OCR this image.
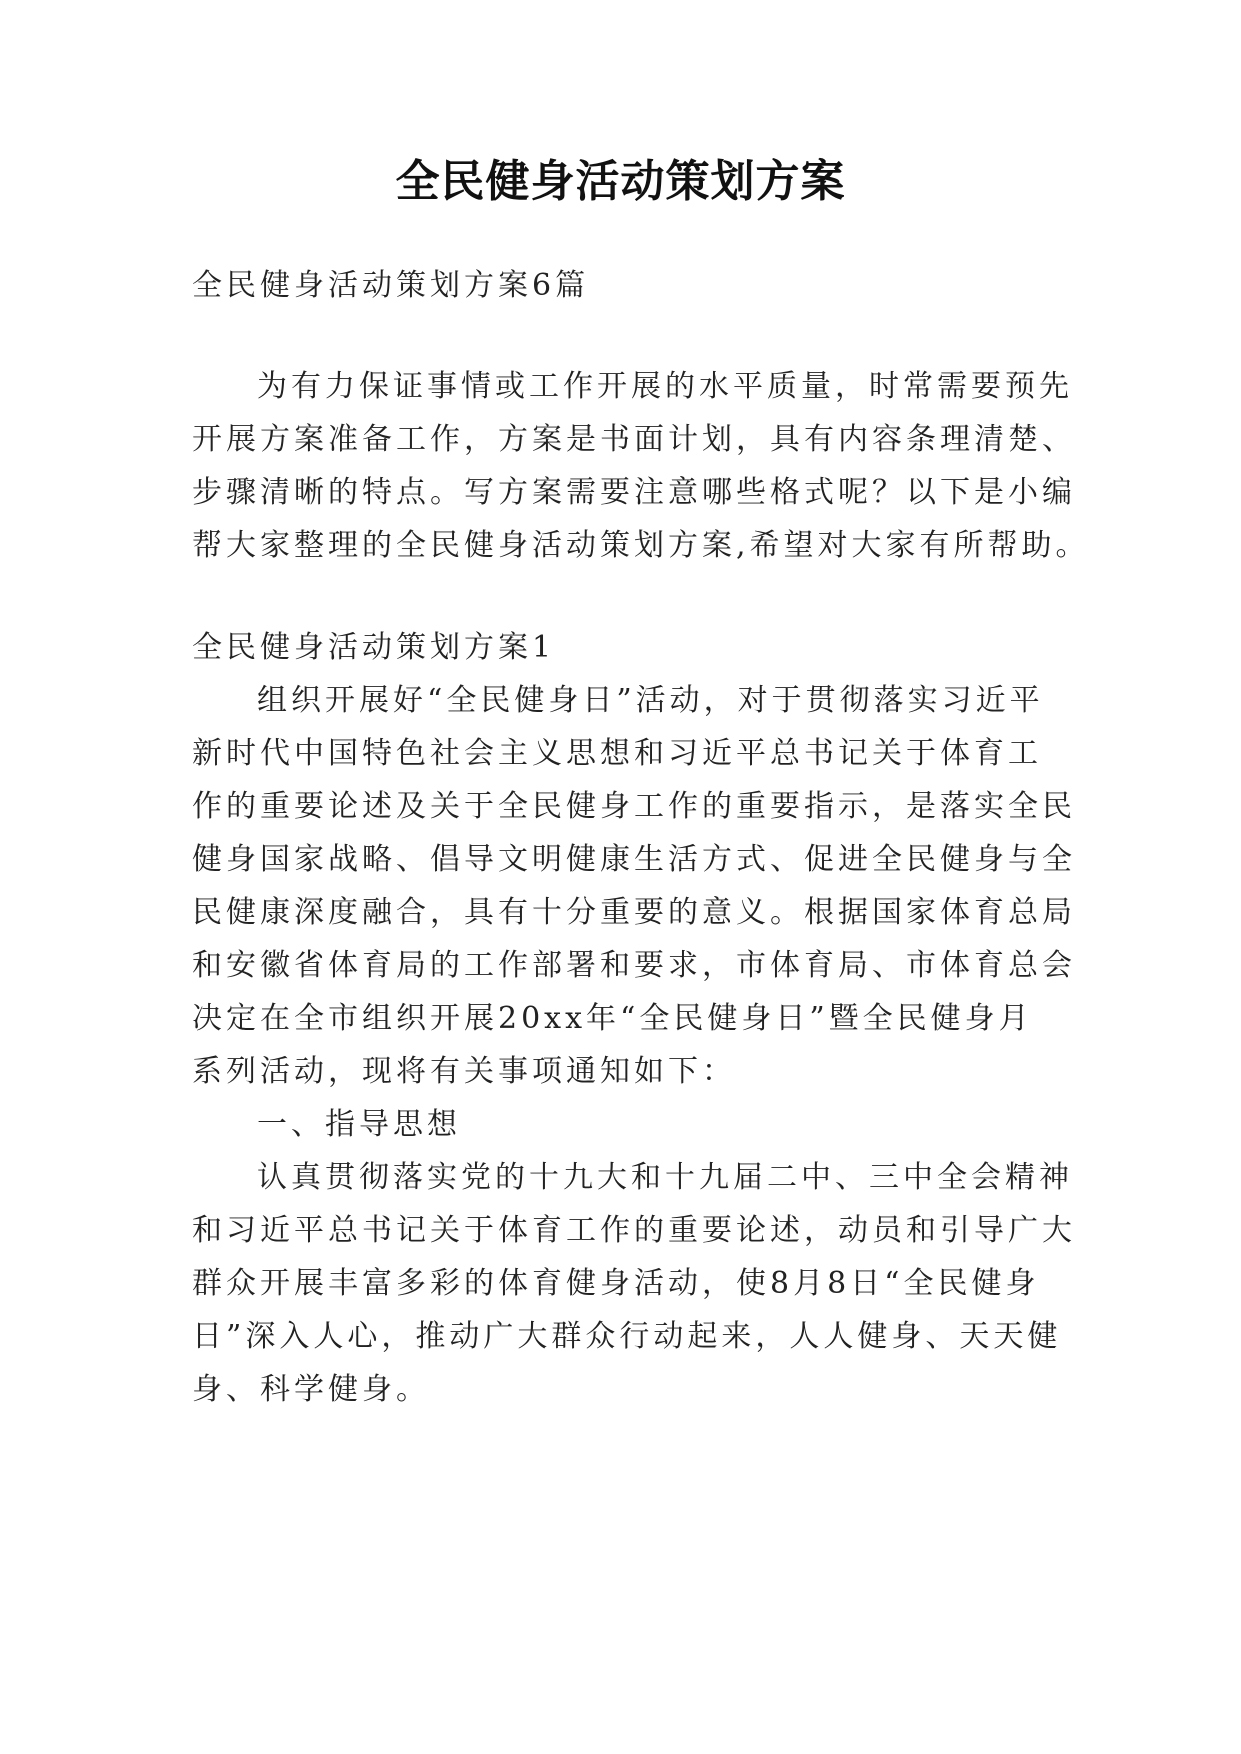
全民健身活动策划方案

全民健身活动策划方案6篇

为有力保证事情或工作开展的水平质量，时常需要预先

开展方案准备工作，方案是书面计划，具有内容条理清楚、

步骤清晰的特点。写方案需要注意哪些格式呢？以下是小编

帮大家整理的全民健身活动策划方案,希望对大家有所帮助。

全民健身活动策划方案1

组织开展好“全民健身日”活动，对于贯彻落实习近平

新时代中国特色社会主义思想和习近平总书记关于体育工

作的重要论述及关于全民健身工作的重要指示，是落实全民

健身国家战略、倡导文明健康生活方式、促进全民健身与全

民健康深度融合，具有十分重要的意义。根据国家体育总局

和安徽省体育局的工作部署和要求，市体育局、市体育总会

决定在全市组织开展20xx年“全民健身日”暨全民健身月

系列活动，现将有关事项通知如下：

一、指导思想

认真贯彻落实党的十九大和十九届二中、三中全会精神

和习近平总书记关于体育工作的重要论述，动员和引导广大

群众开展丰富多彩的体育健身活动，使8月8日“全民健身

日”深入人心，推动广大群众行动起来，人人健身、天天健

身、科学健身。
